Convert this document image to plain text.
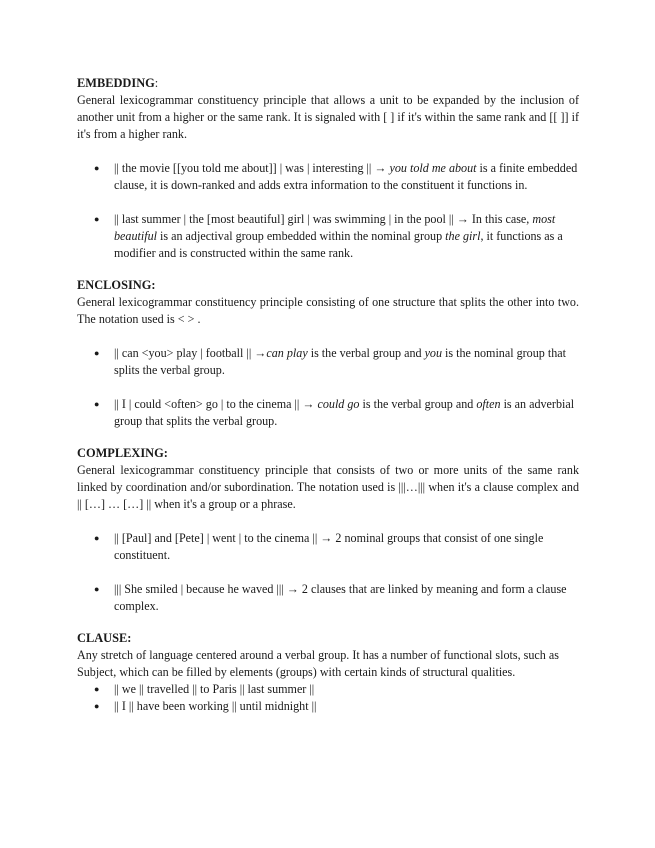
EMBEDDING:

General lexicogrammar constituency principle that allows a unit to be expanded by the inclusion of another unit from a higher or the same rank. It is signaled with [ ] if it's within the same rank and [[ ]] if it's from a higher rank.

● || the movie [[you told me about]] | was | interesting || → you told me about is a finite embedded clause, it is down-ranked and adds extra information to the constituent it functions in.
● || last summer | the [most beautiful] girl | was swimming | in the pool || → In this case, most beautiful is an adjectival group embedded within the nominal group the girl, it functions as a modifier and is constructed within the same rank.

ENCLOSING:

General lexicogrammar constituency principle consisting of one structure that splits the other into two. The notation used is < > .

● || can <you> play | football || →can play is the verbal group and you is the nominal group that splits the verbal group.
● || I | could <often> go | to the cinema || → could go is the verbal group and often is an adverbial group that splits the verbal group.

COMPLEXING:

General lexicogrammar constituency principle that consists of two or more units of the same rank linked by coordination and/or subordination. The notation used is |||…||| when it's a clause complex and || […] … […] || when it's a group or a phrase.

● || [Paul] and [Pete] | went | to the cinema || → 2 nominal groups that consist of one single constituent.
● ||| She smiled | because he waved ||| → 2 clauses that are linked by meaning and form a clause complex.

CLAUSE:

Any stretch of language centered around a verbal group. It has a number of functional slots, such as Subject, which can be filled by elements (groups) with certain kinds of structural qualities.

● || we || travelled || to Paris || last summer ||
● || I || have been working || until midnight ||
